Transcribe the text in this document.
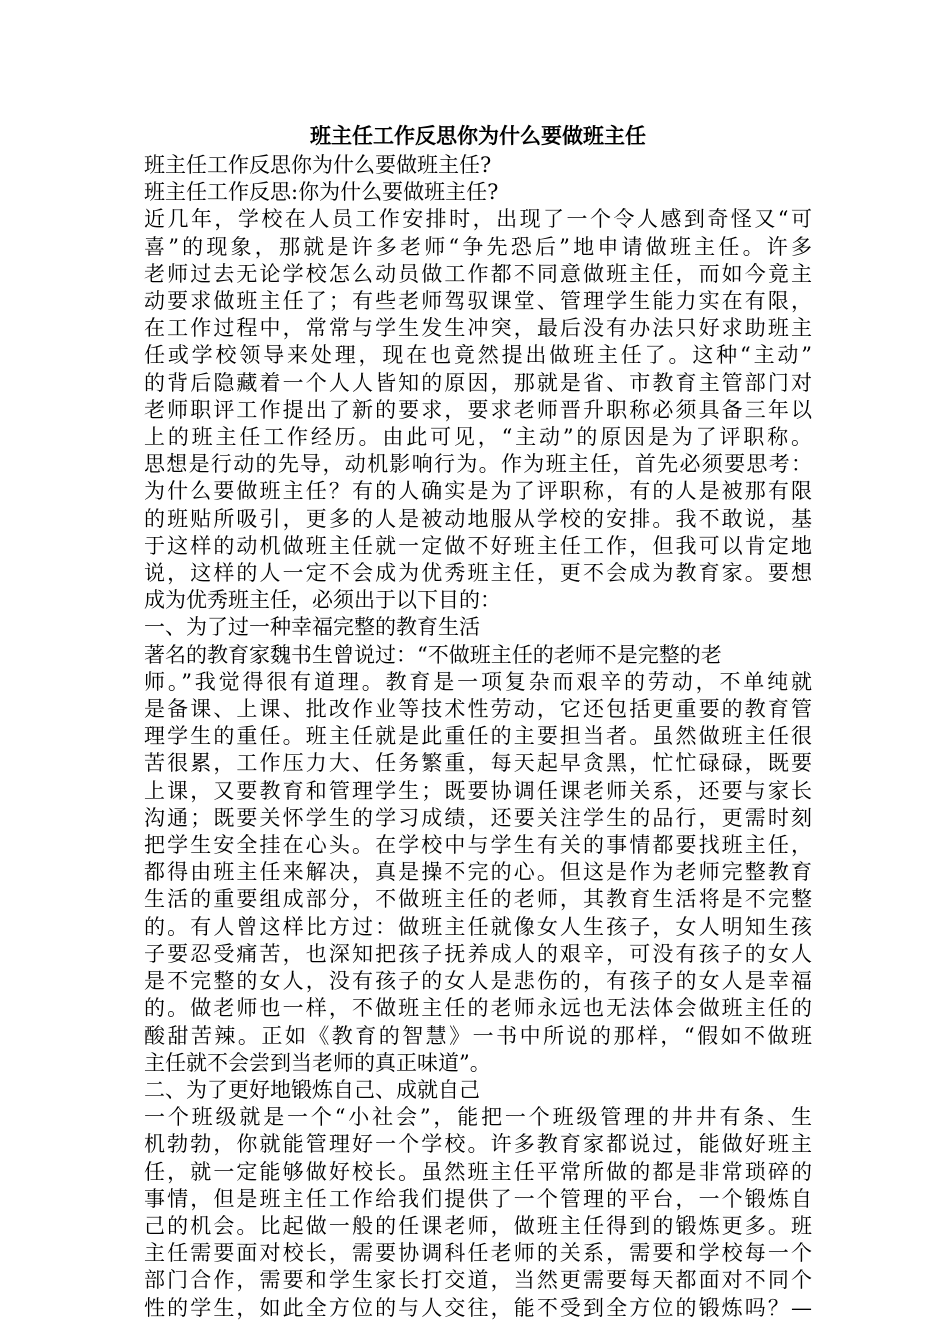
班主任工作反思你为什么要做班主任

班主任工作反思你为什么要做班主任?

班主任工作反思:你为什么要做班主任?

近几年，学校在人员工作安排时，出现了一个令人感到奇怪又“可

喜”的现象，那就是许多老师“争先恐后”地申请做班主任。许多

老师过去无论学校怎么动员做工作都不同意做班主任，而如今竟主

动要求做班主任了；有些老师驾驭课堂、管理学生能力实在有限，

在工作过程中，常常与学生发生冲突，最后没有办法只好求助班主

任或学校领导来处理，现在也竟然提出做班主任了。这种“主动”

的背后隐藏着一个人人皆知的原因，那就是省、市教育主管部门对

老师职评工作提出了新的要求，要求老师晋升职称必须具备三年以

上的班主任工作经历。由此可见，“主动”的原因是为了评职称。

思想是行动的先导，动机影响行为。作为班主任，首先必须要思考：

为什么要做班主任？有的人确实是为了评职称，有的人是被那有限

的班贴所吸引，更多的人是被动地服从学校的安排。我不敢说，基

于这样的动机做班主任就一定做不好班主任工作，但我可以肯定地

说，这样的人一定不会成为优秀班主任，更不会成为教育家。要想

成为优秀班主任，必须出于以下目的：

一、为了过一种幸福完整的教育生活

著名的教育家魏书生曾说过：“不做班主任的老师不是完整的老

师。”我觉得很有道理。教育是一项复杂而艰辛的劳动，不单纯就

是备课、上课、批改作业等技术性劳动，它还包括更重要的教育管

理学生的重任。班主任就是此重任的主要担当者。虽然做班主任很

苦很累，工作压力大、任务繁重，每天起早贪黑，忙忙碌碌，既要

上课，又要教育和管理学生；既要协调任课老师关系，还要与家长

沟通；既要关怀学生的学习成绩，还要关注学生的品行，更需时刻

把学生安全挂在心头。在学校中与学生有关的事情都要找班主任，

都得由班主任来解决，真是操不完的心。但这是作为老师完整教育

生活的重要组成部分，不做班主任的老师，其教育生活将是不完整

的。有人曾这样比方过：做班主任就像女人生孩子，女人明知生孩

子要忍受痛苦，也深知把孩子抚养成人的艰辛，可没有孩子的女人

是不完整的女人，没有孩子的女人是悲伤的，有孩子的女人是幸福

的。做老师也一样，不做班主任的老师永远也无法体会做班主任的

酸甜苦辣。正如《教育的智慧》一书中所说的那样，“假如不做班

主任就不会尝到当老师的真正味道”。

二、为了更好地锻炼自己、成就自己

一个班级就是一个“小社会”，能把一个班级管理的井井有条、生

机勃勃，你就能管理好一个学校。许多教育家都说过，能做好班主

任，就一定能够做好校长。虽然班主任平常所做的都是非常琐碎的

事情，但是班主任工作给我们提供了一个管理的平台，一个锻炼自

己的机会。比起做一般的任课老师，做班主任得到的锻炼更多。班

主任需要面对校长，需要协调科任老师的关系，需要和学校每一个

部门合作，需要和学生家长打交道，当然更需要每天都面对不同个

性的学生，如此全方位的与人交往，能不受到全方位的锻炼吗？—
